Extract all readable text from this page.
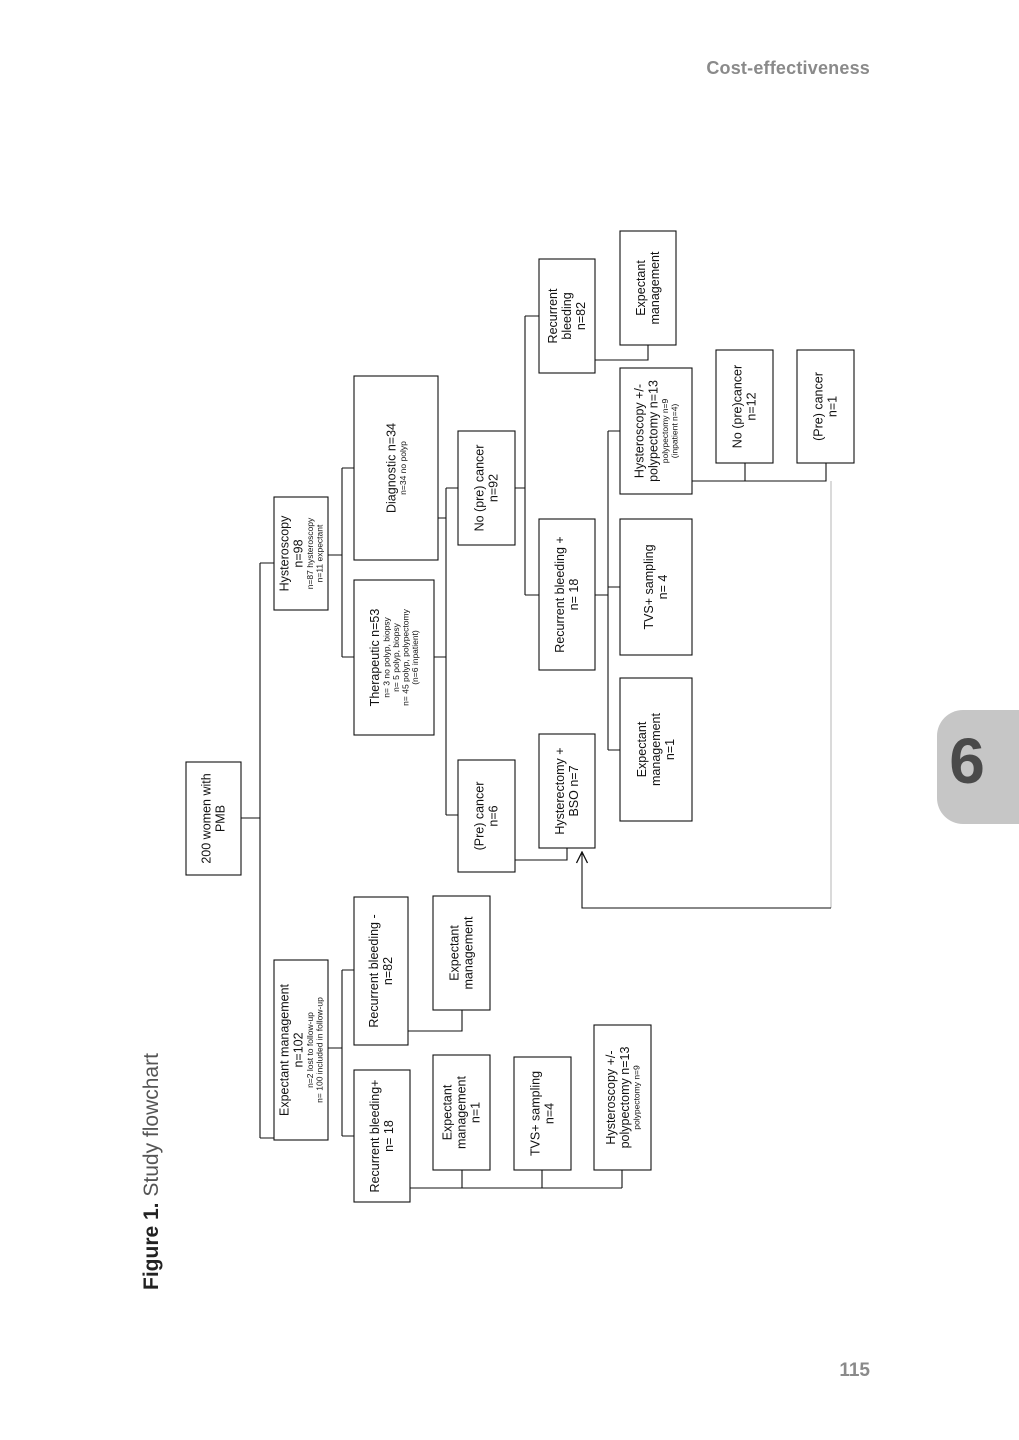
Cost-effectiveness
6
Figure 1. Study flowchart
115
200 women with PMB
Expectant management n=102 n=2 lost to follow-up n= 100 included in follow-up
Hysteroscopy n=98 n=87 hysteroscopy n=11 expectant
Recurrent bleeding+ n= 18
Recurrent bleeding - n=82	Expectant management
Expectant management n=1	TVS+ sampling n=4	Hysteroscopy +/- polypectomy n=13 polypectomy n=9
Therapeutic n=53 n= 3 no polyp, biopsy n= 5 polyp, biopsy n= 45 polyp, polypectomy (n=6 inpatient)
Diagnostic n=34 n=34 no polyp
(Pre) cancer n=6
No (pre) cancer n=92
Hysterectomy + BSO n=7
Recurrent bleeding + n= 18
Recurrent bleeding n=82
Expectant management
Expectant management n=1
TVS+ sampling n= 4
Hysteroscopy +/- polypectomy n=13 polypectomy n=9 (inpatient n=4)	No (pre)cancer n=12	(Pre) cancer n=1
